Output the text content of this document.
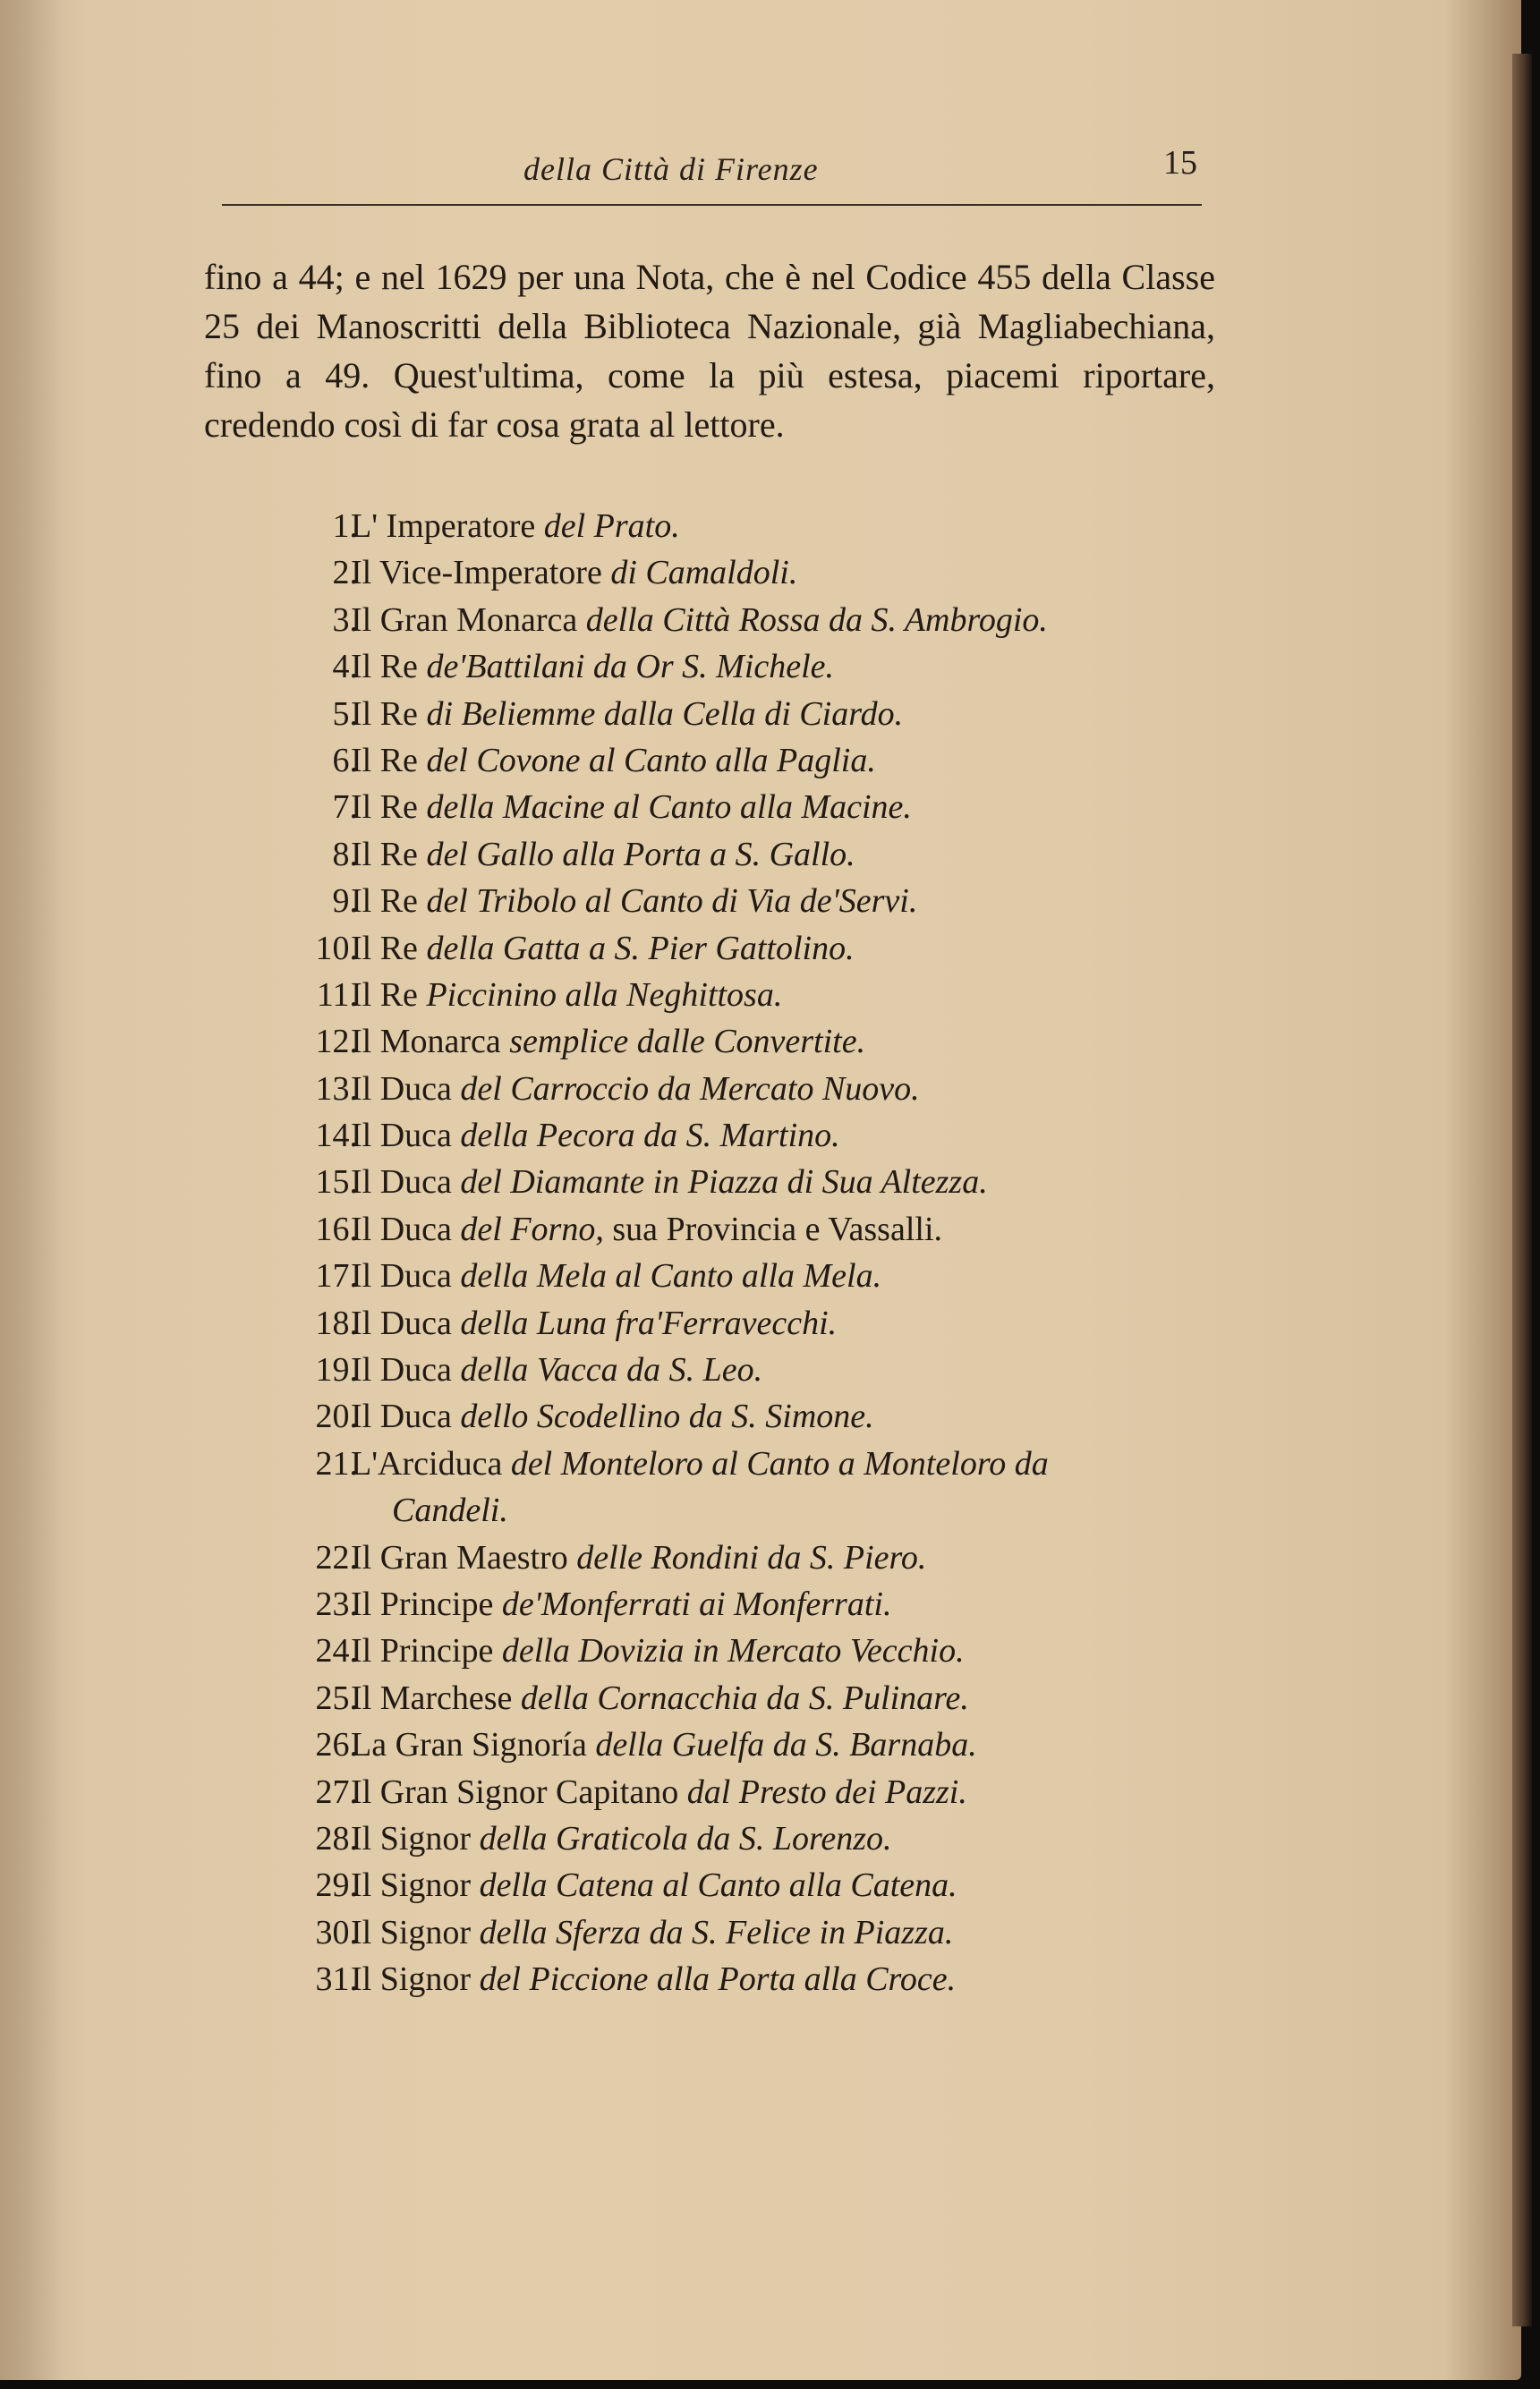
della Città di Firenze	15
fino a 44; e nel 1629 per una Nota, che è nel Codice 455 della Classe 25 dei Manoscritti della Biblioteca Nazionale, già Magliabechiana, fino a 49. Quest'ultima, come la più estesa, piacemi riportare, credendo così di far cosa grata al lettore.
1.
L' Imperatore del Prato.
2.
Il Vice-Imperatore di Camaldoli.
3.
Il Gran Monarca della Città Rossa da S. Ambrogio.
4.
Il Re de'Battilani da Or S. Michele.
5.
Il Re di Beliemme dalla Cella di Ciardo.
6.
Il Re del Covone al Canto alla Paglia.
7.
Il Re della Macine al Canto alla Macine.
8.
Il Re del Gallo alla Porta a S. Gallo.
9.
Il Re del Tribolo al Canto di Via de'Servi.
10.
Il Re della Gatta a S. Pier Gattolino.
11.
Il Re Piccinino alla Neghittosa.
12.
Il Monarca semplice dalle Convertite.
13.
Il Duca del Carroccio da Mercato Nuovo.
14.
Il Duca della Pecora da S. Martino.
15.
Il Duca del Diamante in Piazza di Sua Altezza.
16.
Il Duca del Forno, sua Provincia e Vassalli.
17.
Il Duca della Mela al Canto alla Mela.
18.
Il Duca della Luna fra'Ferravecchi.
19.
Il Duca della Vacca da S. Leo.
20.
Il Duca dello Scodellino da S. Simone.
21.
L'Arciduca del Monteloro al Canto a Monteloro da
Candeli.
22.
Il Gran Maestro delle Rondini da S. Piero.
23.
Il Principe de'Monferrati ai Monferrati.
24.
Il Principe della Dovizia in Mercato Vecchio.
25.
Il Marchese della Cornacchia da S. Pulinare.
26.
La Gran Signoría della Guelfa da S. Barnaba.
27.
Il Gran Signor Capitano dal Presto dei Pazzi.
28.
Il Signor della Graticola da S. Lorenzo.
29.
Il Signor della Catena al Canto alla Catena.
30.
Il Signor della Sferza da S. Felice in Piazza.
31.
Il Signor del Piccione alla Porta alla Croce.
